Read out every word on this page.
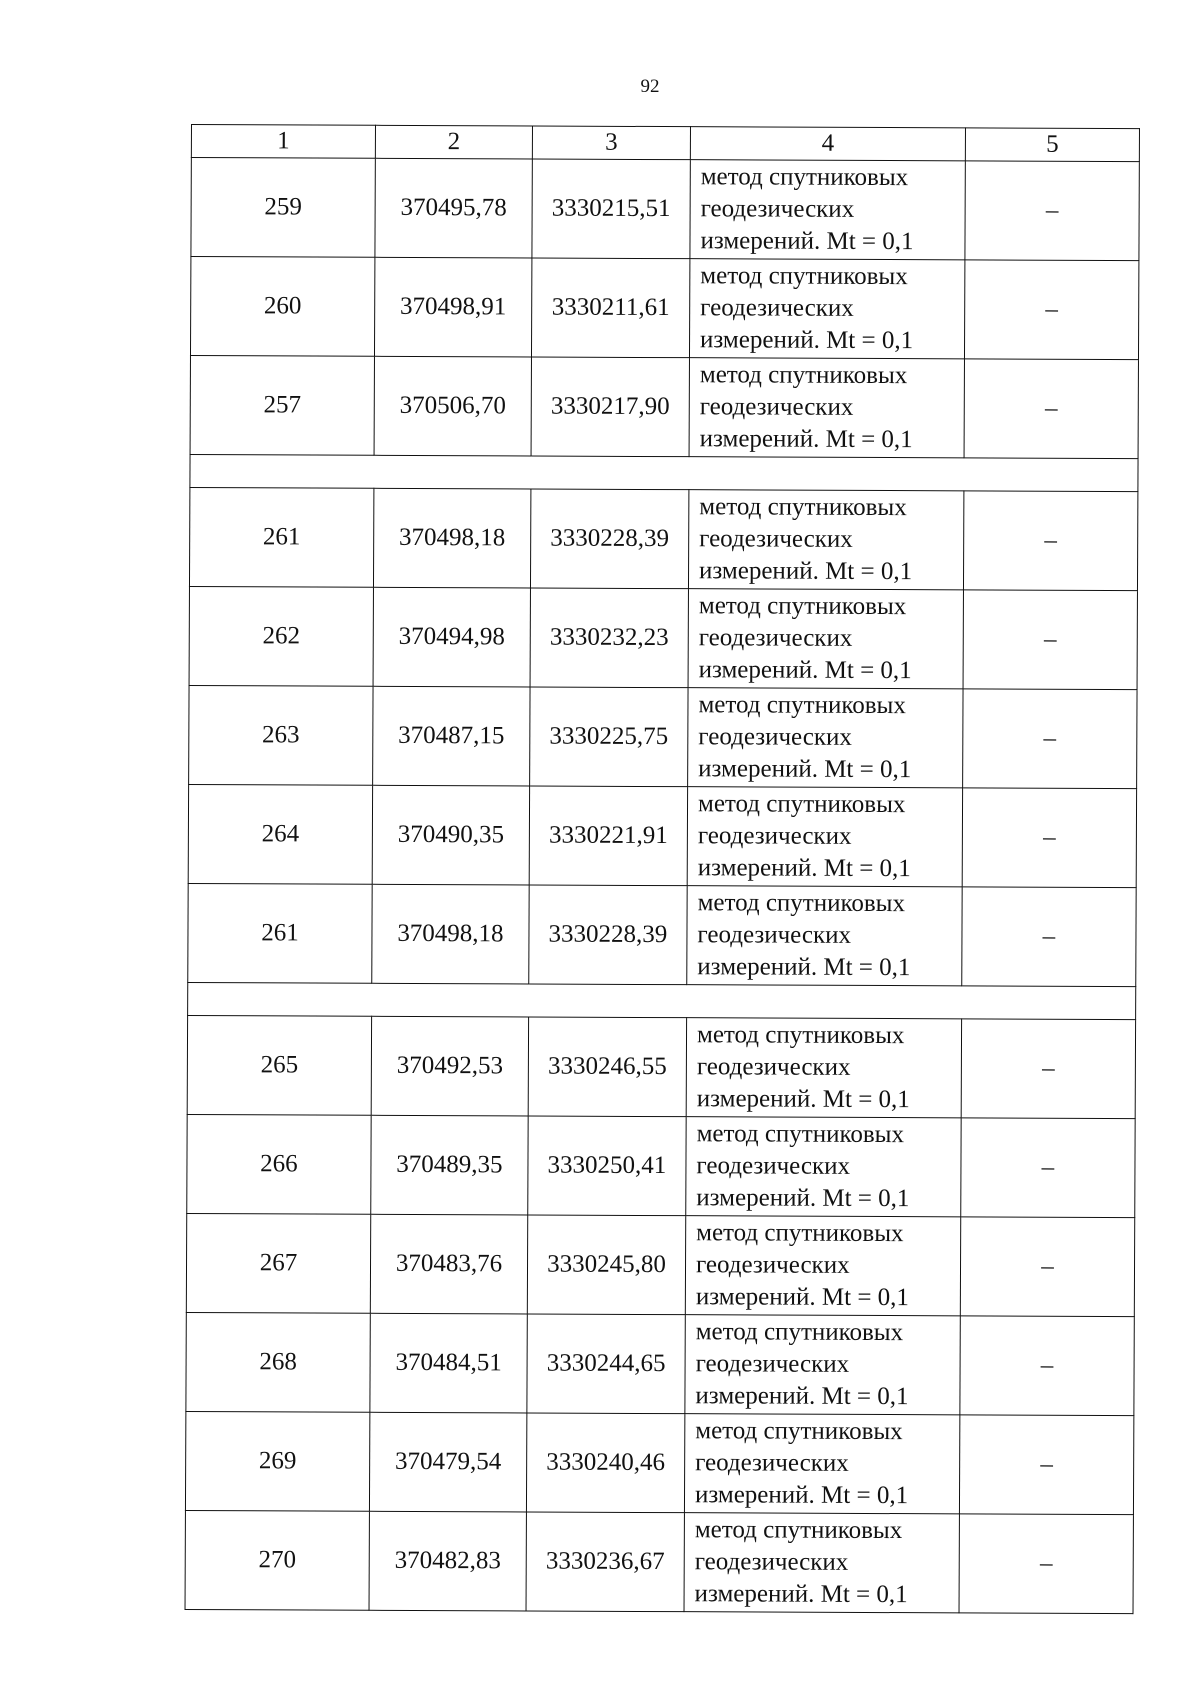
92
1	2	3	4	5
259	370495,78	3330215,51	метод спутниковых
геодезических
измерений. Mt = 0,1	–
260	370498,91	3330211,61	метод спутниковых
геодезических
измерений. Mt = 0,1	–
257	370506,70	3330217,90	метод спутниковых
геодезических
измерений. Mt = 0,1	–

261	370498,18	3330228,39	метод спутниковых
геодезических
измерений. Mt = 0,1	–
262	370494,98	3330232,23	метод спутниковых
геодезических
измерений. Mt = 0,1	–
263	370487,15	3330225,75	метод спутниковых
геодезических
измерений. Mt = 0,1	–
264	370490,35	3330221,91	метод спутниковых
геодезических
измерений. Mt = 0,1	–
261	370498,18	3330228,39	метод спутниковых
геодезических
измерений. Mt = 0,1	–

265	370492,53	3330246,55	метод спутниковых
геодезических
измерений. Mt = 0,1	–
266	370489,35	3330250,41	метод спутниковых
геодезических
измерений. Mt = 0,1	–
267	370483,76	3330245,80	метод спутниковых
геодезических
измерений. Mt = 0,1	–
268	370484,51	3330244,65	метод спутниковых
геодезических
измерений. Mt = 0,1	–
269	370479,54	3330240,46	метод спутниковых
геодезических
измерений. Mt = 0,1	–
270	370482,83	3330236,67	метод спутниковых
геодезических
измерений. Mt = 0,1	–
